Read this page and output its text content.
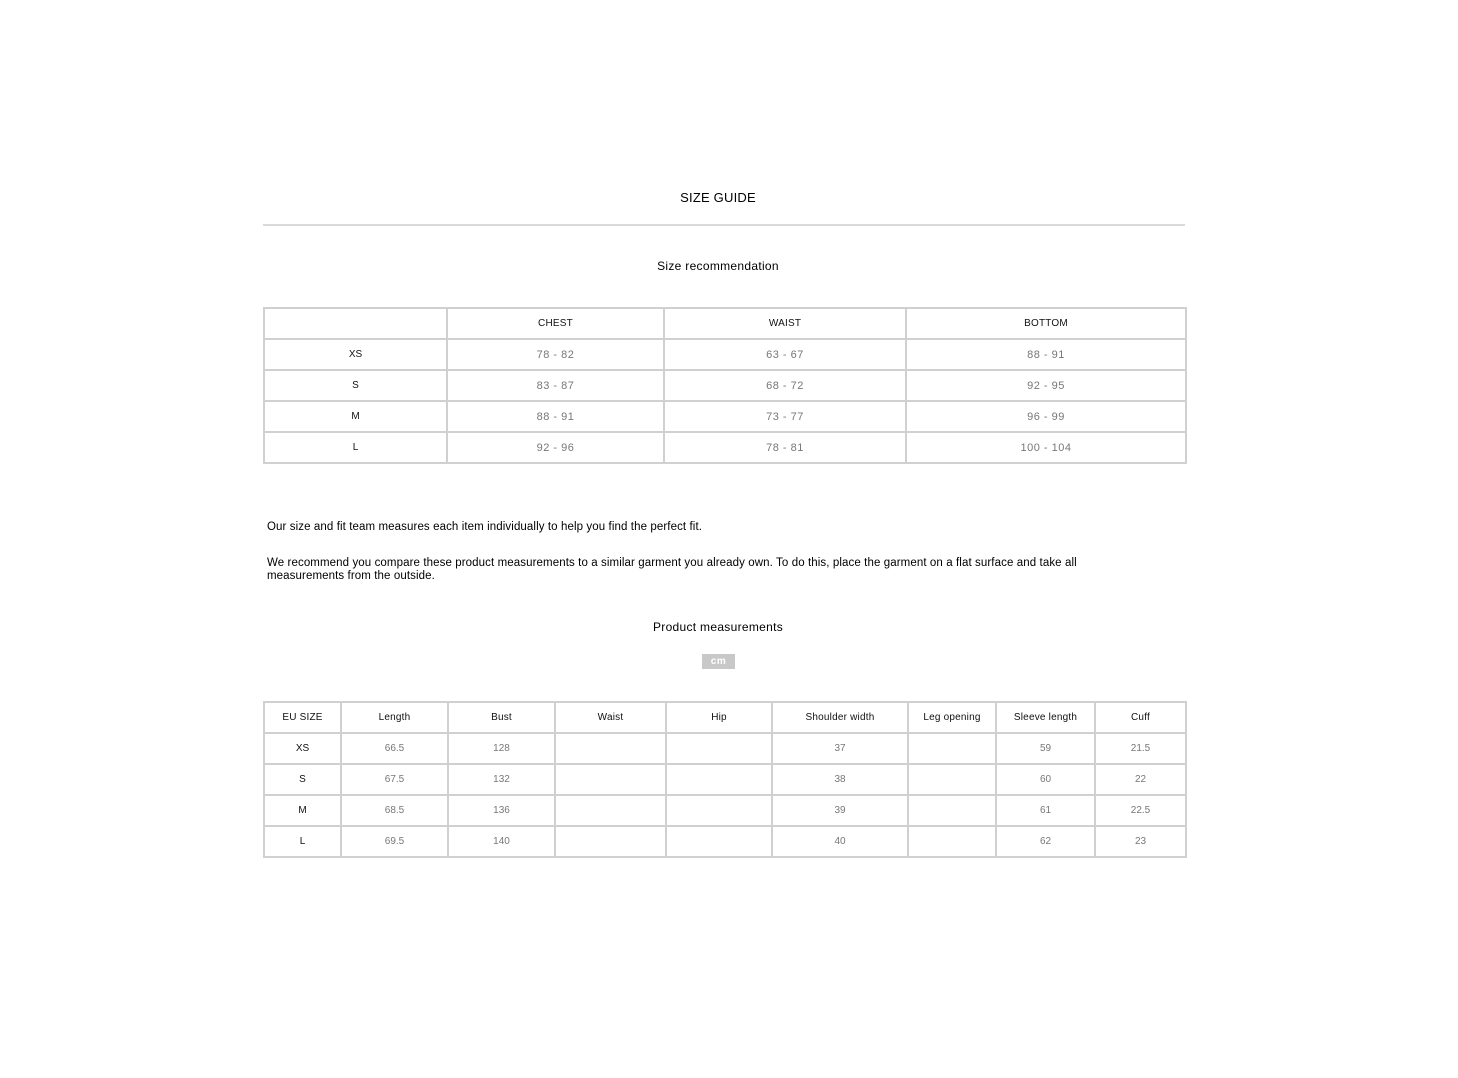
SIZE GUIDE
Size recommendation
	CHEST	WAIST	BOTTOM
XS	78 - 82	63 - 67	88 - 91
S	83 - 87	68 - 72	92 - 95
M	88 - 91	73 - 77	96 - 99
L	92 - 96	78 - 81	100 - 104
Our size and fit team measures each item individually to help you find the perfect fit.
We recommend you compare these product measurements to a similar garment you already own. To do this, place the garment on a flat surface and take all measurements from the outside.
Product measurements
cm
EU SIZE	Length	Bust	Waist	Hip	Shoulder width	Leg opening	Sleeve length	Cuff
XS	66.5	128			37		59	21.5
S	67.5	132			38		60	22
M	68.5	136			39		61	22.5
L	69.5	140			40		62	23
